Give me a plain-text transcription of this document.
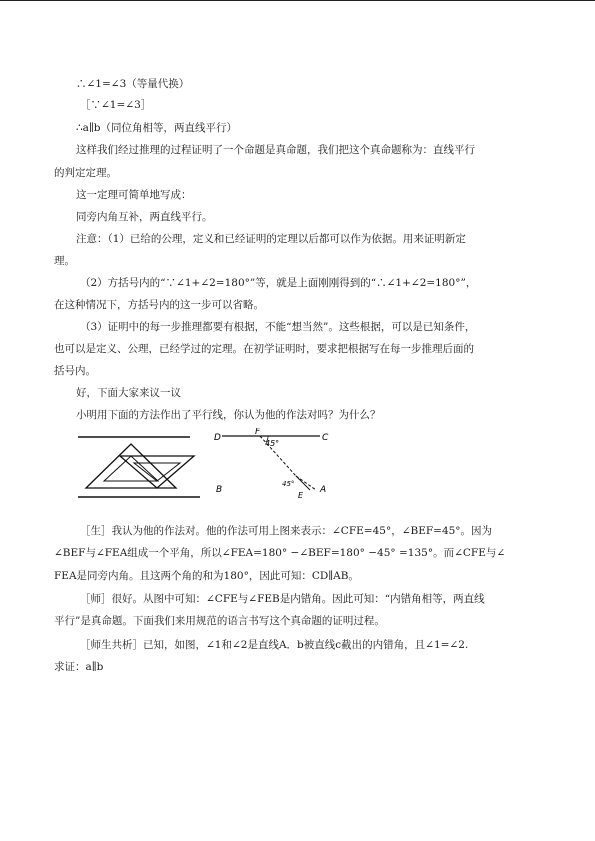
∴∠1=∠3（等量代换）
［∵∠1=∠3］
∴a∥b（同位角相等，两直线平行）
这样我们经过推理的过程证明了一个命题是真命题，我们把这个真命题称为：直线平行
的判定定理。
这一定理可简单地写成：
同旁内角互补，两直线平行。
注意：（1）已给的公理，定义和已经证明的定理以后都可以作为依据。用来证明新定
理。
（2）方括号内的“∵∠1+∠2=180°”等，就是上面刚刚得到的“∴∠1+∠2=180°”，
在这种情况下，方括号内的这一步可以省略。
（3）证明中的每一步推理都要有根据，不能“想当然”。这些根据，可以是已知条件，
也可以是定义、公理，已经学过的定理。在初学证明时，要求把根据写在每一步推理后面的
括号内。
好，下面大家来议一议
小明用下面的方法作出了平行线，你认为他的作法对吗？为什么？
D
F
45°
C
B
45°
E
A
［生］我认为他的作法对。他的作法可用上图来表示：∠CFE=45°，∠BEF=45°。因为
∠BEF与∠FEA组成一个平角，所以∠FEA=180° −∠BEF=180° −45° =135°。而∠CFE与∠
FEA是同旁内角。且这两个角的和为180°，因此可知：CD∥AB。
［师］很好。从图中可知：∠CFE与∠FEB是内错角。因此可知：“内错角相等，两直线
平行”是真命题。下面我们来用规范的语言书写这个真命题的证明过程。
［师生共析］已知，如图，∠1和∠2是直线A．b被直线c截出的内错角，且∠1=∠2.
求证：a∥b
